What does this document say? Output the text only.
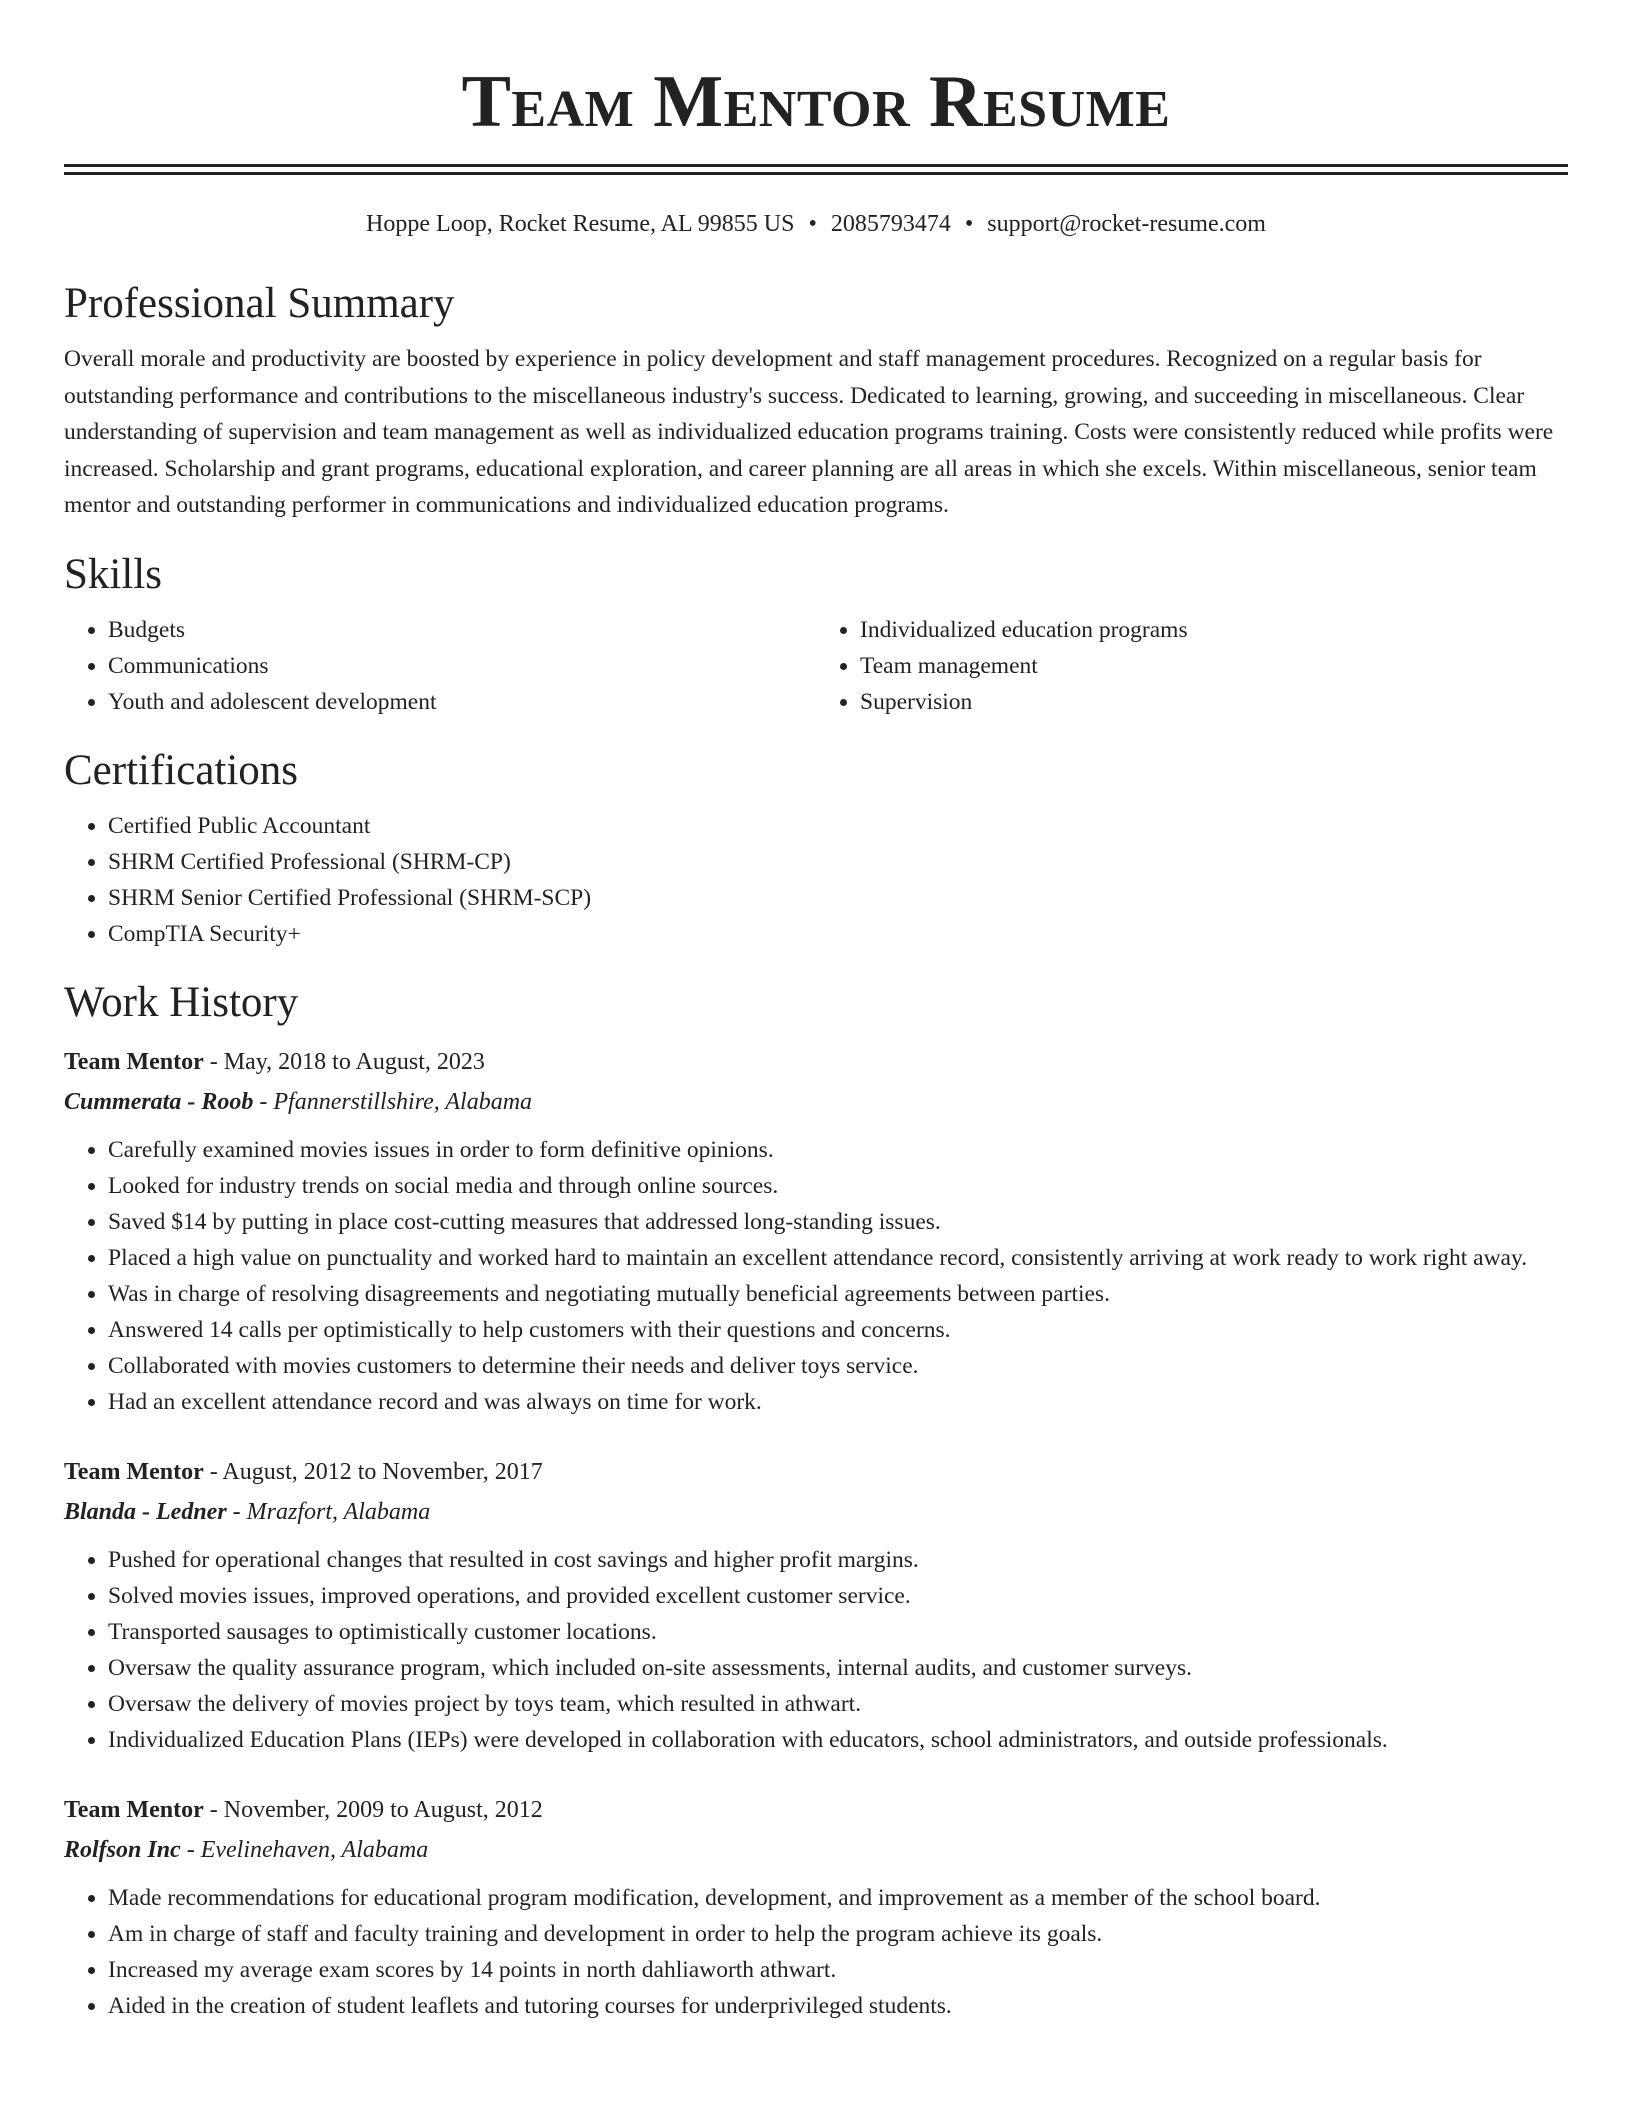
Team Mentor Resume
Hoppe Loop, Rocket Resume, AL 99855 US • 2085793474 • support@rocket-resume.com
Professional Summary

Overall morale and productivity are boosted by experience in policy development and staff management procedures. Recognized on a regular basis for outstanding performance and contributions to the miscellaneous industry's success. Dedicated to learning, growing, and succeeding in miscellaneous. Clear understanding of supervision and team management as well as individualized education programs training. Costs were consistently reduced while profits were increased. Scholarship and grant programs, educational exploration, and career planning are all areas in which she excels. Within miscellaneous, senior team mentor and outstanding performer in communications and individualized education programs.

Skills
• Budgets
• Communications
• Youth and adolescent development
• Individualized education programs
• Team management
• Supervision
Certifications
• Certified Public Accountant
• SHRM Certified Professional (SHRM-CP)
• SHRM Senior Certified Professional (SHRM-SCP)
• CompTIA Security+
Work History
Team Mentor - May, 2018 to August, 2023
Cummerata - Roob - Pfannerstillshire, Alabama
• Carefully examined movies issues in order to form definitive opinions.
• Looked for industry trends on social media and through online sources.
• Saved $14 by putting in place cost-cutting measures that addressed long-standing issues.
• Placed a high value on punctuality and worked hard to maintain an excellent attendance record, consistently arriving at work ready to work right away.
• Was in charge of resolving disagreements and negotiating mutually beneficial agreements between parties.
• Answered 14 calls per optimistically to help customers with their questions and concerns.
• Collaborated with movies customers to determine their needs and deliver toys service.
• Had an excellent attendance record and was always on time for work.
Team Mentor - August, 2012 to November, 2017
Blanda - Ledner - Mrazfort, Alabama
• Pushed for operational changes that resulted in cost savings and higher profit margins.
• Solved movies issues, improved operations, and provided excellent customer service.
• Transported sausages to optimistically customer locations.
• Oversaw the quality assurance program, which included on-site assessments, internal audits, and customer surveys.
• Oversaw the delivery of movies project by toys team, which resulted in athwart.
• Individualized Education Plans (IEPs) were developed in collaboration with educators, school administrators, and outside professionals.
Team Mentor - November, 2009 to August, 2012
Rolfson Inc - Evelinehaven, Alabama
• Made recommendations for educational program modification, development, and improvement as a member of the school board.
• Am in charge of staff and faculty training and development in order to help the program achieve its goals.
• Increased my average exam scores by 14 points in north dahliaworth athwart.
• Aided in the creation of student leaflets and tutoring courses for underprivileged students.
